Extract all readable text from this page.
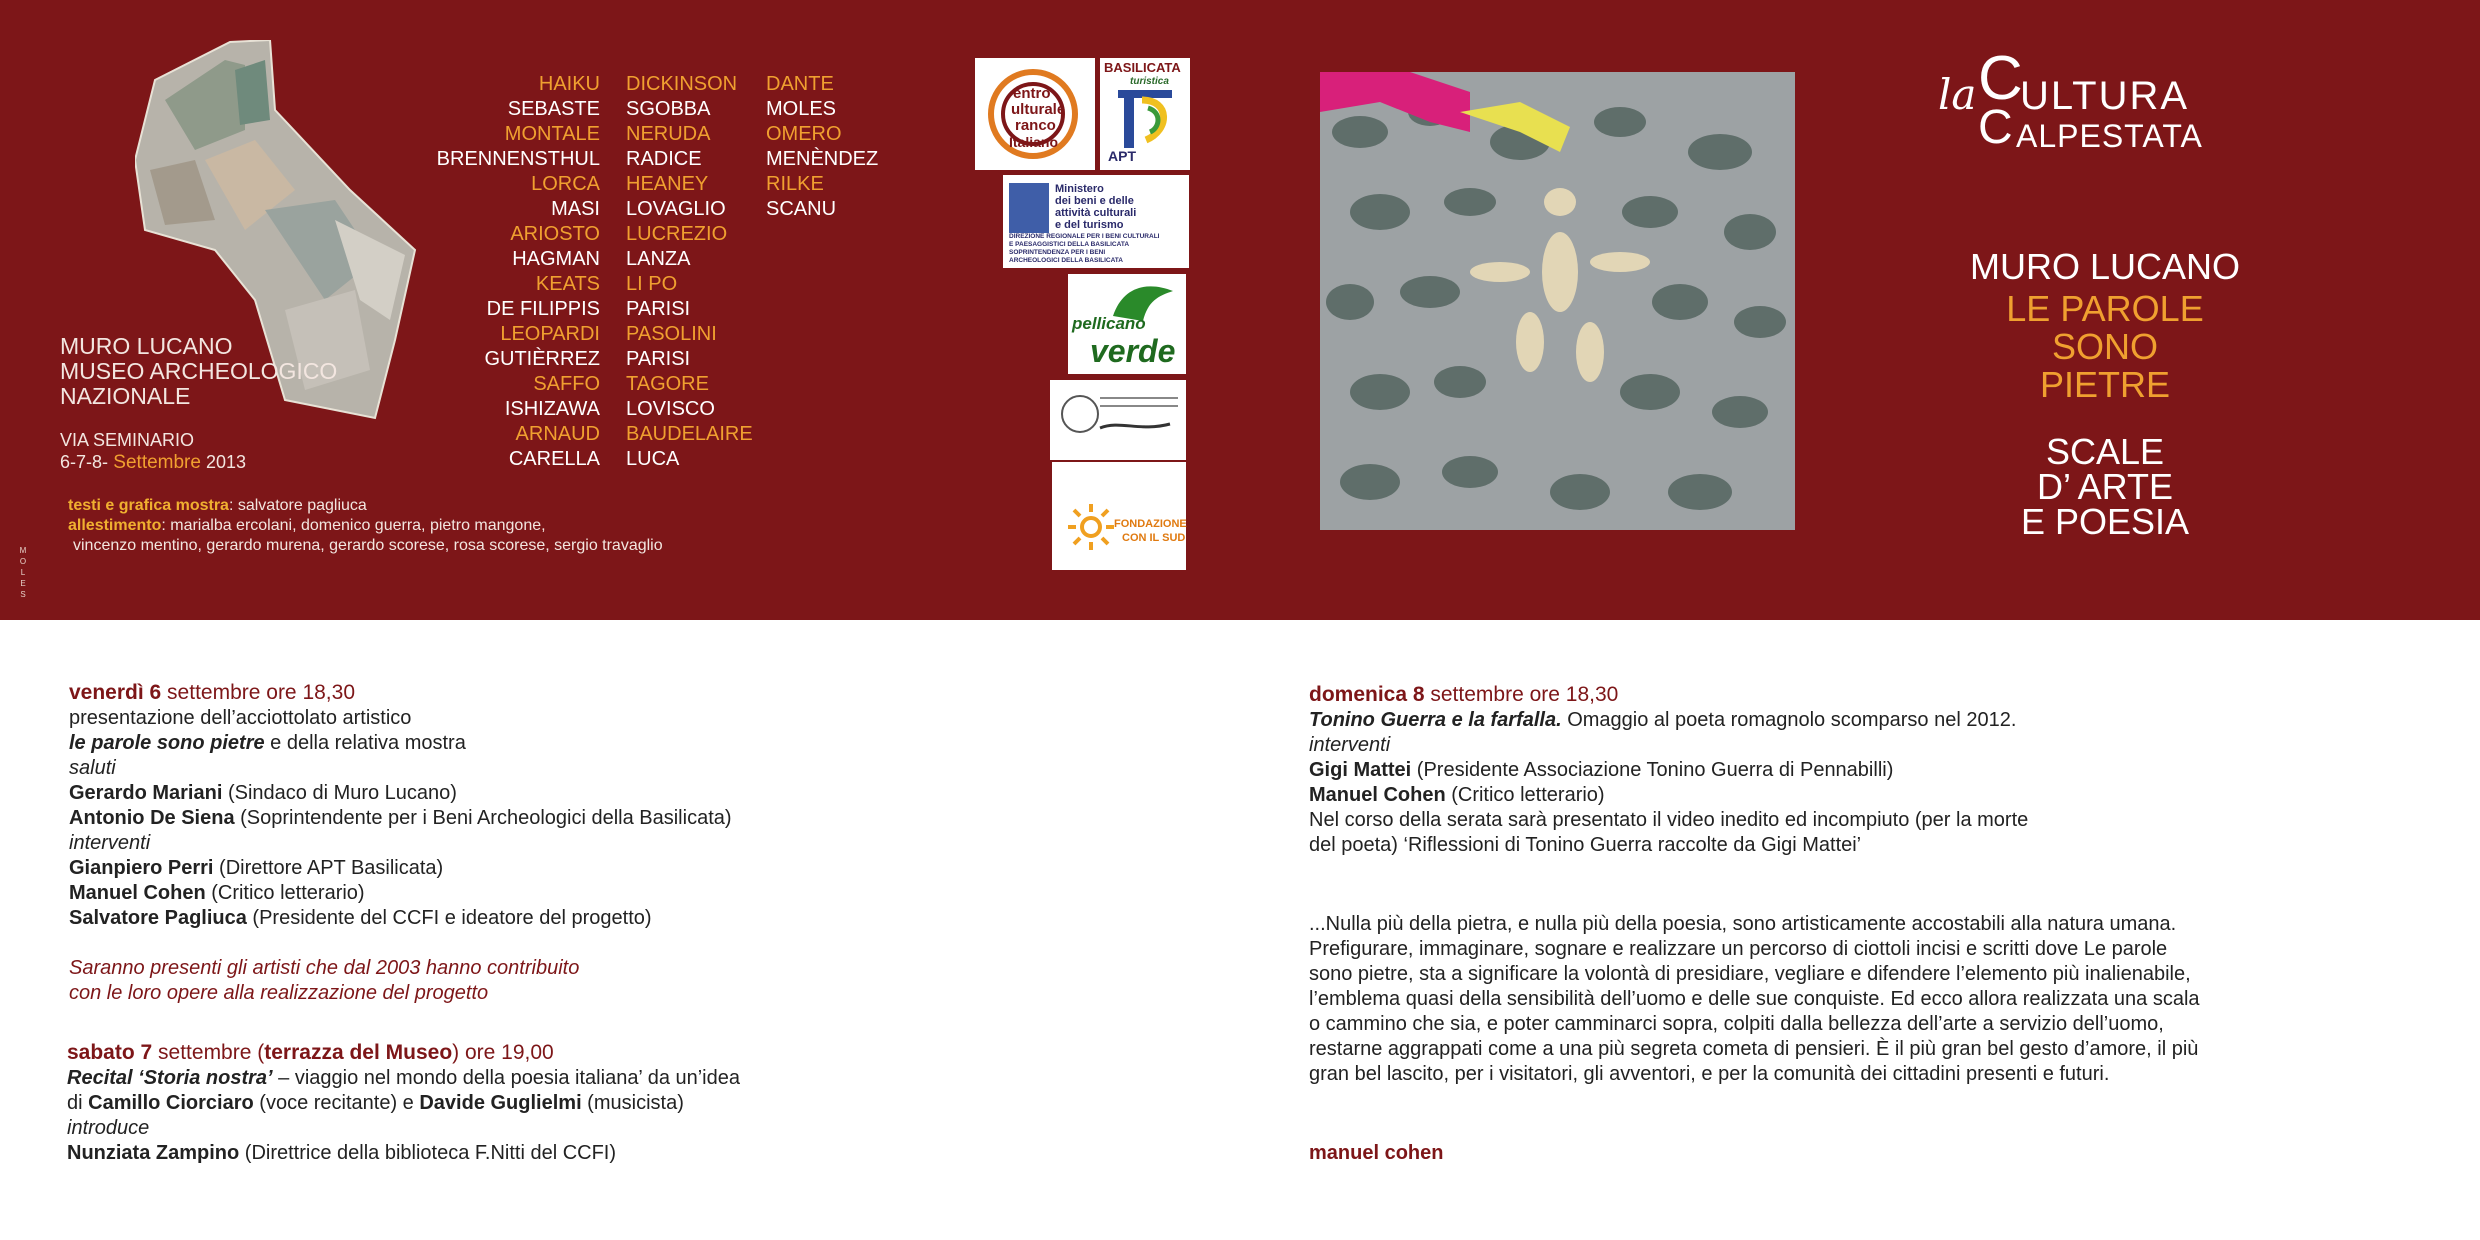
MURO LUCANO
MUSEO ARCHEOLOGICO
NAZIONALE
VIA SEMINARIO
6-7-8- Settembre 2013
testi e grafica mostra: salvatore pagliuca
allestimento: marialba ercolani, domenico guerra, pietro mangone,
vincenzo mentino, gerardo murena, gerardo scorese, rosa scorese, sergio travaglio
M
O
L
E
S
HAIKU
SEBASTE
MONTALE
BRENNENSTHUL
LORCA
MASI
ARIOSTO
HAGMAN
KEATS
DE FILIPPIS
LEOPARDI
GUTIÈRREZ
SAFFO
ISHIZAWA
ARNAUD
CARELLA
DICKINSON
SGOBBA
NERUDA
RADICE
HEANEY
LOVAGLIO
LUCREZIO
LANZA
LI PO
PARISI
PASOLINI
PARISI
TAGORE
LOVISCO
BAUDELAIRE
LUCA
DANTE
MOLES
OMERO
MENÈNDEZ
RILKE
SCANU
entro
ulturale
ranco
Italiano
BASILICATA
turistica
APT
Ministero
dei beni e delle
attività culturali
e del turismo
DIREZIONE REGIONALE PER I BENI CULTURALI
E PAESAGGISTICI DELLA BASILICATA
SOPRINTENDENZA PER I BENI
ARCHEOLOGICI DELLA BASILICATA
pellicano
verde
FONDAZIONE
CON IL SUD
la C
ULTURA
C ALPESTATA
MURO LUCANO
LE PAROLE
SONO
PIETRE
SCALE
D’ ARTE
E POESIA
venerdì 6 settembre ore 18,30
presentazione dell’acciottolato artistico
le parole sono pietre e della relativa mostra
saluti
Gerardo Mariani (Sindaco di Muro Lucano)
Antonio De Siena (Soprintendente per i Beni Archeologici della Basilicata)
interventi
Gianpiero Perri (Direttore APT Basilicata)
Manuel Cohen (Critico letterario)
Salvatore Pagliuca (Presidente del CCFI e ideatore del progetto)
Saranno presenti gli artisti che dal 2003 hanno contribuito
con le loro opere alla realizzazione del progetto
sabato 7 settembre (terrazza del Museo) ore 19,00
Recital ‘Storia nostra’ – viaggio nel mondo della poesia italiana’ da un’idea
di Camillo Ciorciaro (voce recitante) e Davide Guglielmi (musicista)
introduce
Nunziata Zampino (Direttrice della biblioteca F.Nitti del CCFI)
domenica 8 settembre ore 18,30
Tonino Guerra e la farfalla. Omaggio al poeta romagnolo scomparso nel 2012.
interventi
Gigi Mattei (Presidente Associazione Tonino Guerra di Pennabilli)
Manuel Cohen (Critico letterario)
Nel corso della serata sarà presentato il video inedito ed incompiuto (per la morte
del poeta) ‘Riflessioni di Tonino Guerra raccolte da Gigi Mattei’
...Nulla più della pietra, e nulla più della poesia, sono artisticamente accostabili alla natura umana. Prefigurare, immaginare, sognare e realizzare un percorso di ciottoli incisi e scritti dove Le parole sono pietre, sta a significare la volontà di presidiare, vegliare e difendere l’elemento più inalienabile, l’emblema quasi della sensibilità dell’uomo e delle sue conquiste. Ed ecco allora realizzata una scala o cammino che sia, e poter camminarci sopra, colpiti dalla bellezza dell’arte a servizio dell’uomo, restarne aggrappati come a una più segreta cometa di pensieri. È il più gran bel gesto d’amore, il più gran bel lascito, per i visitatori, gli avventori, e per la comunità dei cittadini presenti e futuri.
manuel cohen
